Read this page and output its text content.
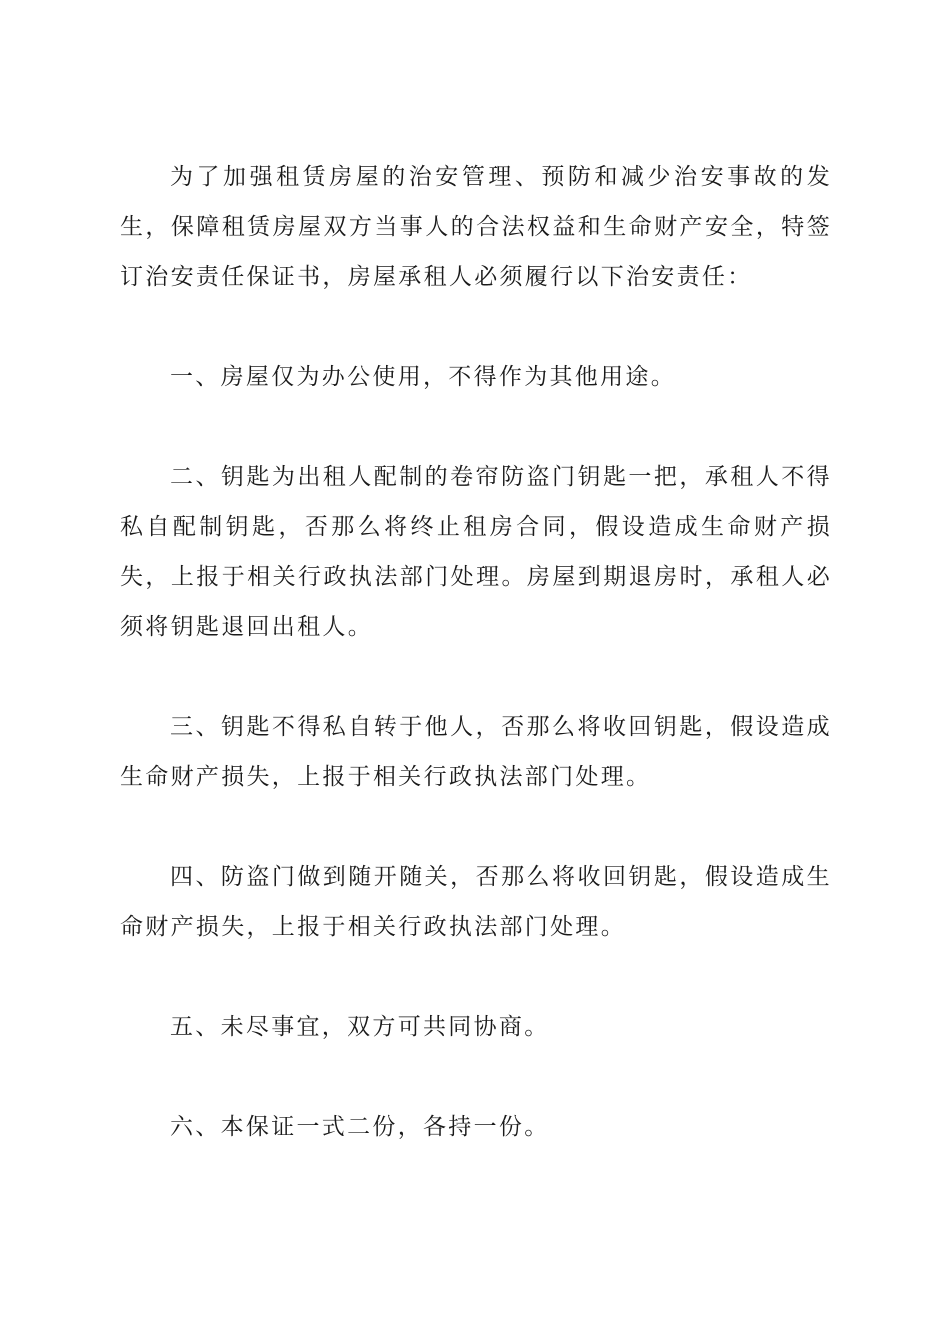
为了加强租赁房屋的治安管理、预防和减少治安事故的发生，保障租赁房屋双方当事人的合法权益和生命财产安全，特签订治安责任保证书，房屋承租人必须履行以下治安责任：

一、房屋仅为办公使用，不得作为其他用途。

二、钥匙为出租人配制的卷帘防盗门钥匙一把，承租人不得私自配制钥匙，否那么将终止租房合同，假设造成生命财产损失，上报于相关行政执法部门处理。房屋到期退房时，承租人必须将钥匙退回出租人。

三、钥匙不得私自转于他人，否那么将收回钥匙，假设造成生命财产损失，上报于相关行政执法部门处理。

四、防盗门做到随开随关，否那么将收回钥匙，假设造成生命财产损失，上报于相关行政执法部门处理。

五、未尽事宜，双方可共同协商。

六、本保证一式二份，各持一份。
